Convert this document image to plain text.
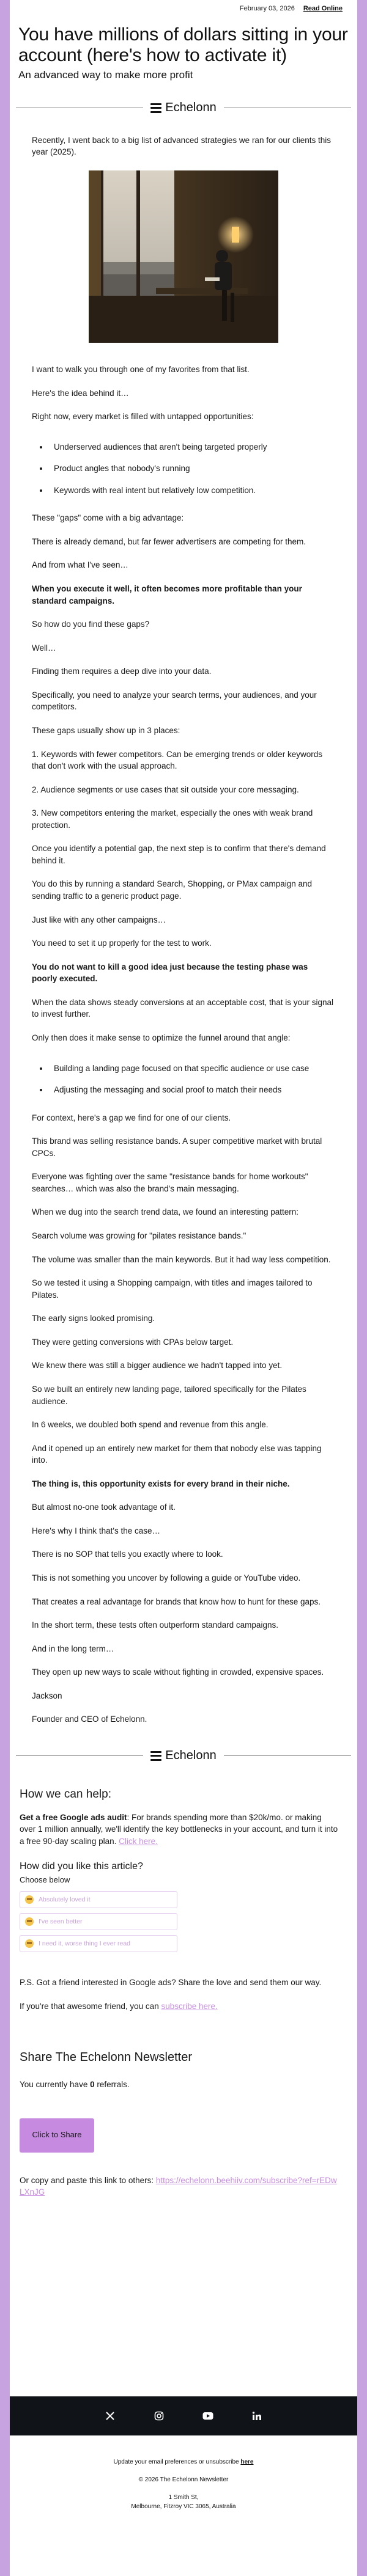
February 03, 2026 Read Online
You have millions of dollars sitting in your account (here's how to activate it)
An advanced way to make more profit
Echelonn

Recently, I went back to a big list of advanced strategies we ran for our clients this year (2025).

I want to walk you through one of my favorites from that list.

Here's the idea behind it…

Right now, every market is filled with untapped opportunities:

• Underserved audiences that aren't being targeted properly
• Product angles that nobody's running
• Keywords with real intent but relatively low competition.

These "gaps" come with a big advantage:

There is already demand, but far fewer advertisers are competing for them.

And from what I've seen…

When you execute it well, it often becomes more profitable than your standard campaigns.

So how do you find these gaps?

Well…

Finding them requires a deep dive into your data.

Specifically, you need to analyze your search terms, your audiences, and your competitors.

These gaps usually show up in 3 places:

1. Keywords with fewer competitors. Can be emerging trends or older keywords that don't work with the usual approach.

2. Audience segments or use cases that sit outside your core messaging.

3. New competitors entering the market, especially the ones with weak brand protection.

Once you identify a potential gap, the next step is to confirm that there's demand behind it.

You do this by running a standard Search, Shopping, or PMax campaign and sending traffic to a generic product page.

Just like with any other campaigns…

You need to set it up properly for the test to work.

You do not want to kill a good idea just because the testing phase was poorly executed.

When the data shows steady conversions at an acceptable cost, that is your signal to invest further.

Only then does it make sense to optimize the funnel around that angle:

• Building a landing page focused on that specific audience or use case
• Adjusting the messaging and social proof to match their needs

For context, here's a gap we find for one of our clients.

This brand was selling resistance bands. A super competitive market with brutal CPCs.

Everyone was fighting over the same "resistance bands for home workouts" searches… which was also the brand's main messaging.

When we dug into the search trend data, we found an interesting pattern:

Search volume was growing for "pilates resistance bands."

The volume was smaller than the main keywords. But it had way less competition.

So we tested it using a Shopping campaign, with titles and images tailored to Pilates.

The early signs looked promising.

They were getting conversions with CPAs below target.

We knew there was still a bigger audience we hadn't tapped into yet.

So we built an entirely new landing page, tailored specifically for the Pilates audience.

In 6 weeks, we doubled both spend and revenue from this angle.

And it opened up an entirely new market for them that nobody else was tapping into.

The thing is, this opportunity exists for every brand in their niche.

But almost no-one took advantage of it.

Here's why I think that's the case…

There is no SOP that tells you exactly where to look.

This is not something you uncover by following a guide or YouTube video.

That creates a real advantage for brands that know how to hunt for these gaps.

In the short term, these tests often outperform standard campaigns.

And in the long term…

They open up new ways to scale without fighting in crowded, expensive spaces.

Jackson

Founder and CEO of Echelonn.

Echelonn
How we can help:

Get a free Google ads audit: For brands spending more than $20k/mo. or making over 1 million annually, we'll identify the key bottlenecks in your account, and turn it into a free 90-day scaling plan. Click here.

How did you like this article?
Choose below
Absolutely loved it
I've seen better
I need it, worse thing I ever read

P.S. Got a friend interested in Google ads? Share the love and send them our way.

If you're that awesome friend, you can subscribe here.

Share The Echelonn Newsletter

You currently have 0 referrals.

Click to Share

Or copy and paste this link to others: https://echelonn.beehiiv.com/subscribe?ref=rEDwLXnJG

Update your email preferences or unsubscribe here
© 2026 The Echelonn Newsletter
1 Smith St,
Melbourne, Fitzroy VIC 3065, Australia
